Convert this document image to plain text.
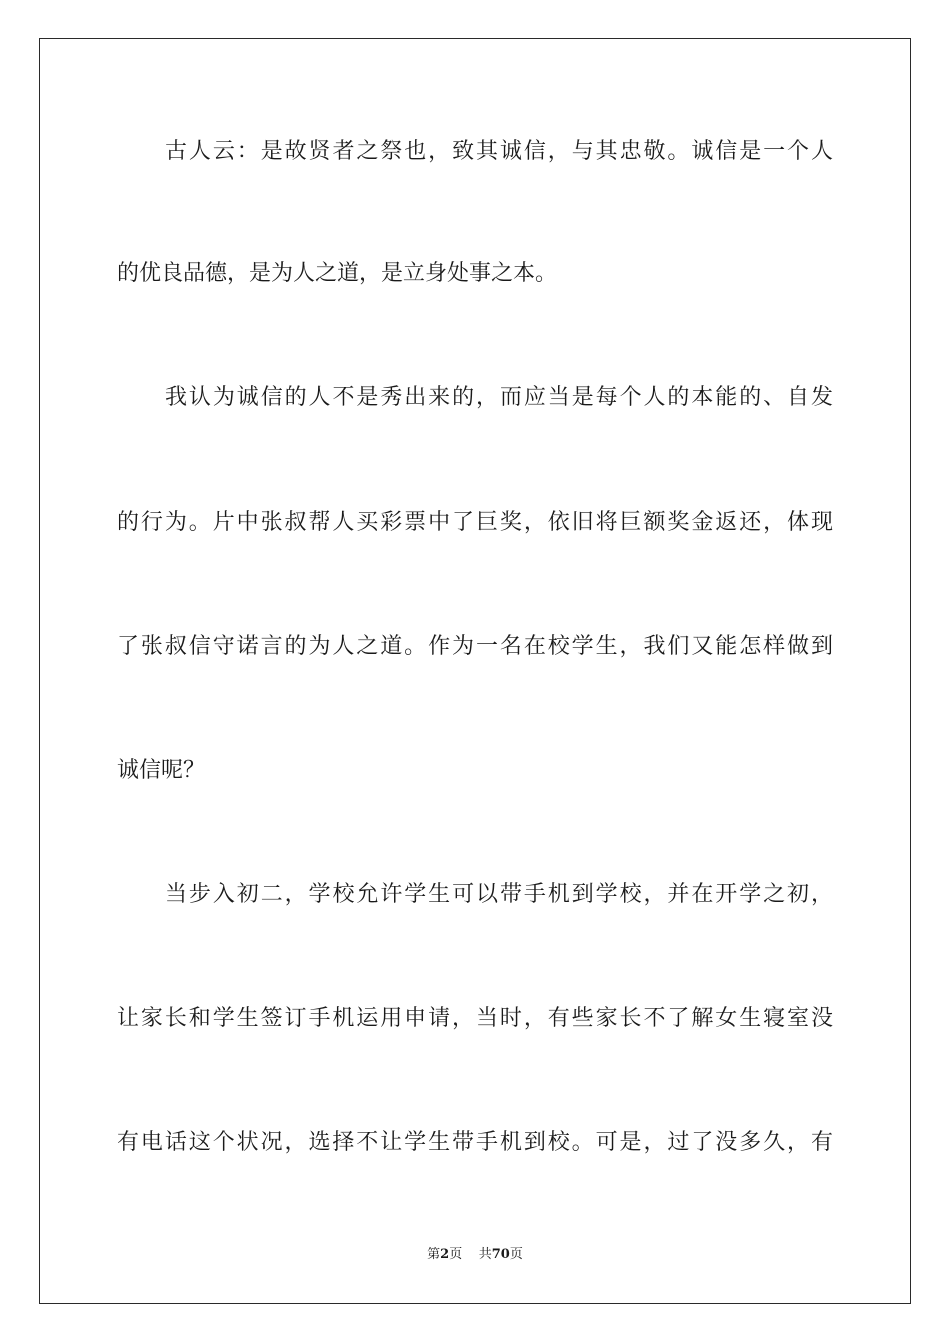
古人云：是故贤者之祭也，致其诚信，与其忠敬。诚信是一个人
的优良品德，是为人之道，是立身处事之本。
我认为诚信的人不是秀出来的，而应当是每个人的本能的、自发
的行为。片中张叔帮人买彩票中了巨奖，依旧将巨额奖金返还，体现
了张叔信守诺言的为人之道。作为一名在校学生，我们又能怎样做到
诚信呢？
当步入初二，学校允许学生可以带手机到学校，并在开学之初，
让家长和学生签订手机运用申请，当时，有些家长不了解女生寝室没
有电话这个状况，选择不让学生带手机到校。可是，过了没多久，有
第2页 共70页
